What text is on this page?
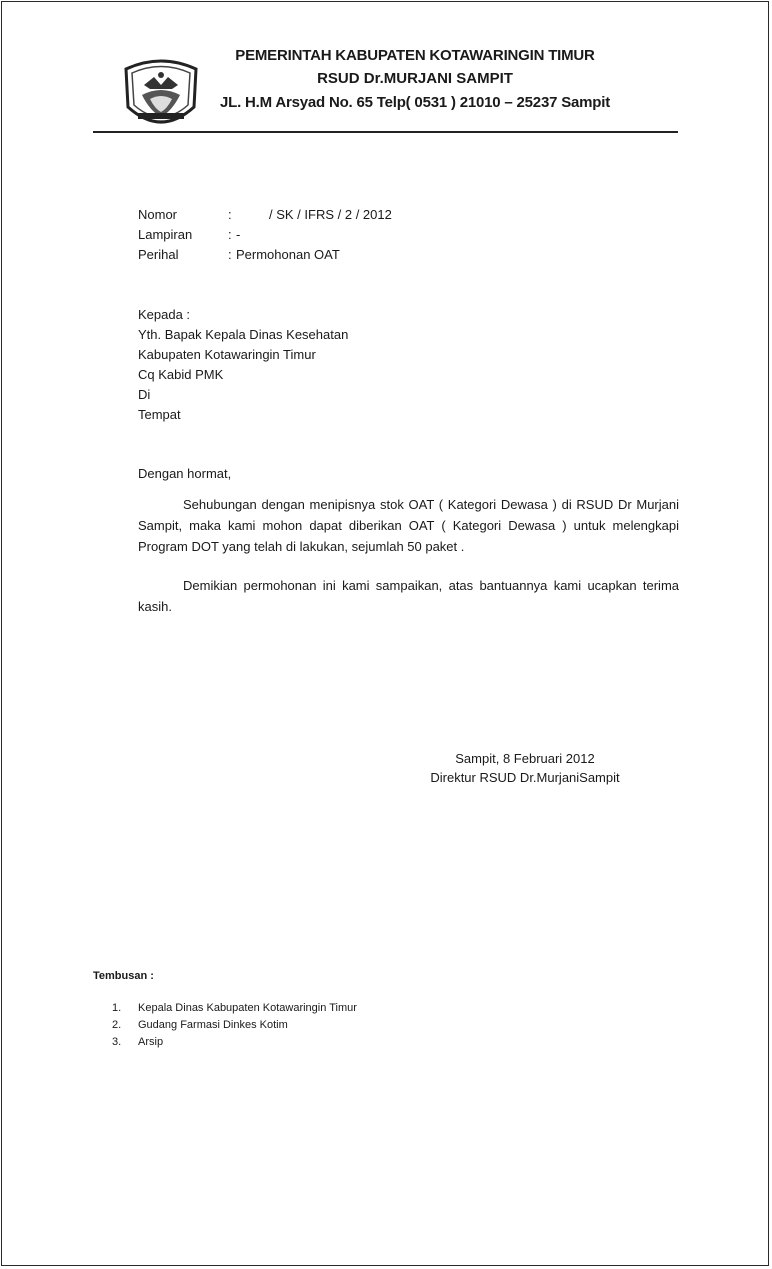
PEMERINTAH KABUPATEN KOTAWARINGIN TIMUR
RSUD Dr.MURJANI SAMPIT
JL. H.M Arsyad No. 65 Telp( 0531 ) 21010 – 25237 Sampit
Nomor	:	/ SK / IFRS / 2 / 2012
Lampiran	: -
Perihal	: Permohonan OAT
Kepada :
Yth. Bapak Kepala Dinas Kesehatan
Kabupaten Kotawaringin Timur
Cq Kabid PMK
Di
Tempat
Dengan hormat,
Sehubungan dengan menipisnya stok OAT ( Kategori Dewasa ) di RSUD Dr Murjani Sampit, maka kami mohon dapat diberikan OAT ( Kategori Dewasa ) untuk melengkapi Program DOT yang telah di lakukan, sejumlah 50 paket .
Demikian permohonan ini kami sampaikan, atas bantuannya kami ucapkan terima kasih.
Sampit, 8 Februari 2012
Direktur RSUD Dr.MurjaniSampit
Tembusan :
1. Kepala Dinas Kabupaten Kotawaringin Timur
2. Gudang Farmasi Dinkes Kotim
3. Arsip
